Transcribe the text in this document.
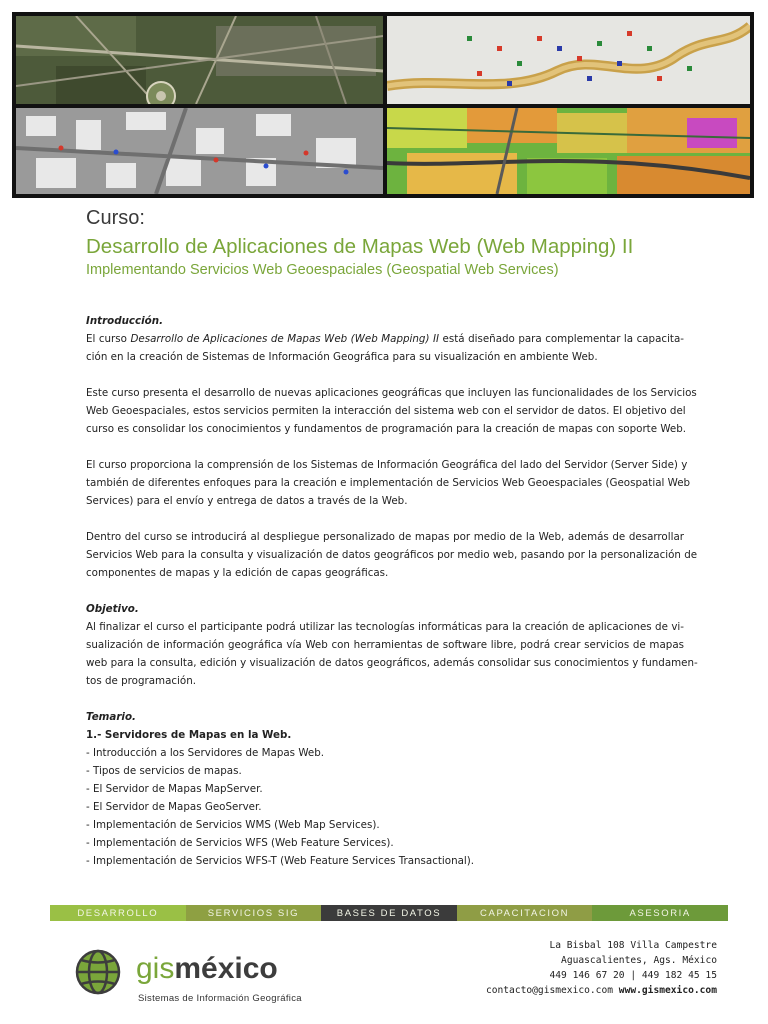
Curso:
Desarrollo de Aplicaciones de Mapas Web (Web Mapping) II
Implementando Servicios Web Geoespaciales (Geospatial Web Services)
Introducción.
El curso Desarrollo de Aplicaciones de Mapas Web (Web Mapping) II está diseñado para complementar la capacita-
ción en la creación de Sistemas de Información Geográfica para su visualización en ambiente Web.
Este curso presenta el desarrollo de nuevas aplicaciones geográficas que incluyen las funcionalidades de los Servicios
Web Geoespaciales, estos servicios permiten la interacción del sistema web con el servidor de datos. El objetivo del
curso es consolidar los conocimientos y fundamentos de programación para la creación de mapas con soporte Web.
El curso proporciona la comprensión de los Sistemas de Información Geográfica del lado del Servidor (Server Side) y
también de diferentes enfoques para la creación e implementación de Servicios Web Geoespaciales (Geospatial Web
Services) para el envío y entrega de datos a través de la Web.
Dentro del curso se introducirá al despliegue personalizado de mapas por medio de la Web, además de desarrollar
Servicios Web para la consulta y visualización de datos geográficos por medio web, pasando por la personalización de
componentes de mapas y la edición de capas geográficas.
Objetivo.
Al finalizar el curso el participante podrá utilizar las tecnologías informáticas para la creación de aplicaciones de vi-
sualización de información geográfica vía Web con herramientas de software libre, podrá crear servicios de mapas
web para la consulta, edición y visualización de datos geográficos, además consolidar sus conocimientos y fundamen-
tos de programación.
Temario.
1.- Servidores de Mapas en la Web.
- Introducción a los Servidores de Mapas Web.
- Tipos de servicios de mapas.
- El Servidor de Mapas MapServer.
- El Servidor de Mapas GeoServer.
- Implementación de Servicios WMS (Web Map Services).
- Implementación de Servicios WFS (Web Feature Services).
- Implementación de Servicios WFS-T (Web Feature Services Transactional).
DESARROLLO	SERVICIOS SIG	BASES DE DATOS	CAPACITACION	ASESORIA
gisméxico
Sistemas de Información Geográfica
La Bisbal 108 Villa Campestre
Aguascalientes, Ags. México
449 146 67 20 | 449 182 45 15
contacto@gismexico.com www.gismexico.com
